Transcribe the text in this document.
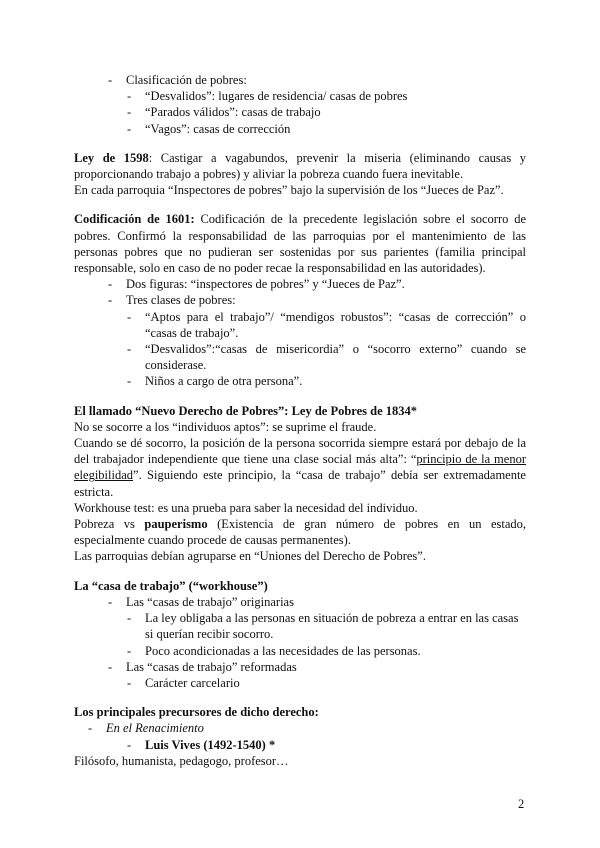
- Clasificación de pobres:
- “Desvalidos”: lugares de residencia/ casas de pobres
- “Parados válidos”: casas de trabajo
- “Vagos”: casas de corrección

Ley de 1598: Castigar a vagabundos, prevenir la miseria (eliminando causas y proporcionando trabajo a pobres) y aliviar la pobreza cuando fuera inevitable.

En cada parroquia “Inspectores de pobres” bajo la supervisión de los “Jueces de Paz”.

Codificación de 1601: Codificación de la precedente legislación sobre el socorro de pobres. Confirmó la responsabilidad de las parroquias por el mantenimiento de las personas pobres que no pudieran ser sostenidas por sus parientes (familia principal responsable, solo en caso de no poder recae la responsabilidad en las autoridades).

- Dos figuras: “inspectores de pobres” y “Jueces de Paz”.
- Tres clases de pobres:
- “Aptos para el trabajo”/ “mendigos robustos”: “casas de corrección” o “casas de trabajo”.
- “Desvalidos”:“casas de misericordia” o “socorro externo” cuando se considerase.
- Niños a cargo de otra persona”.

El llamado “Nuevo Derecho de Pobres”: Ley de Pobres de 1834*

No se socorre a los “individuos aptos”: se suprime el fraude.

Cuando se dé socorro, la posición de la persona socorrida siempre estará por debajo de la del trabajador independiente que tiene una clase social más alta”: “principio de la menor elegibilidad”. Siguiendo este principio, la “casa de trabajo” debía ser extremadamente estricta.

Workhouse test: es una prueba para saber la necesidad del individuo.

Pobreza vs pauperismo (Existencia de gran número de pobres en un estado, especialmente cuando procede de causas permanentes).

Las parroquias debían agruparse en “Uniones del Derecho de Pobres”.

La “casa de trabajo” (“workhouse”)

- Las “casas de trabajo” originarias
- La ley obligaba a las personas en situación de pobreza a entrar en las casas si querían recibir socorro.
- Poco acondicionadas a las necesidades de las personas.
- Las “casas de trabajo” reformadas
- Carácter carcelario

Los principales precursores de dicho derecho:

- En el Renacimiento
- Luis Vives (1492-1540) *

Filósofo, humanista, pedagogo, profesor…

2
